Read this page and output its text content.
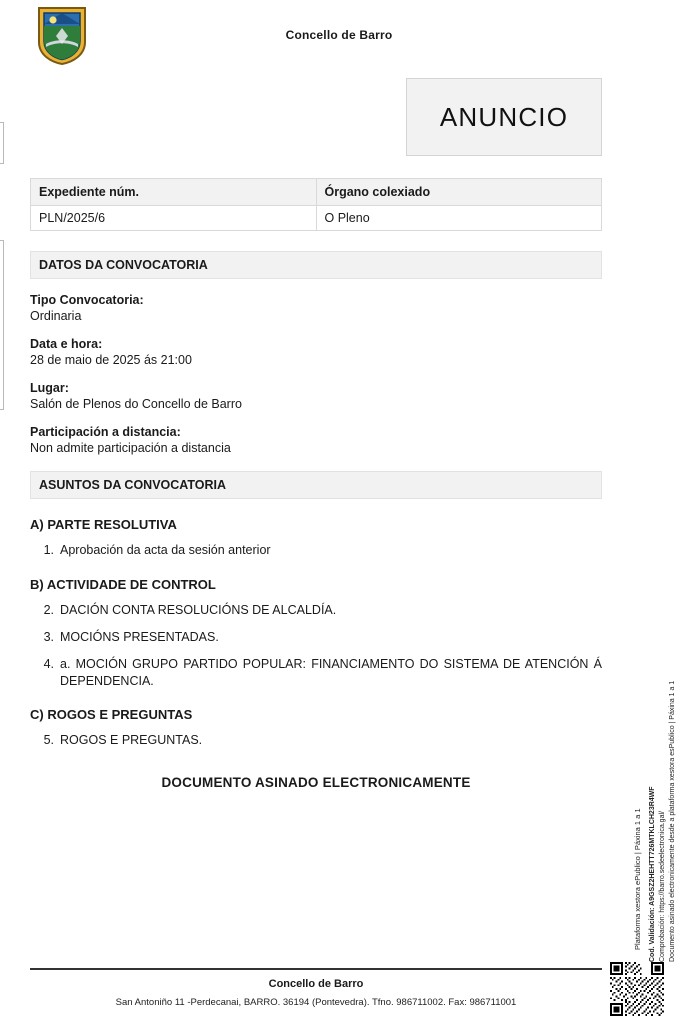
Concello de Barro
ANUNCIO
Expediente núm.	Órgano colexiado
PLN/2025/6	O Pleno
DATOS DA CONVOCATORIA
Tipo Convocatoria:
Ordinaria
Data e hora:
28 de maio de 2025 ás 21:00
Lugar:
Salón de Plenos do Concello de Barro
Participación a distancia:
Non admite participación a distancia
ASUNTOS DA CONVOCATORIA
A) PARTE RESOLUTIVA
1. Aprobación da acta da sesión anterior
B) ACTIVIDADE DE CONTROL
2. DACIÓN CONTA RESOLUCIÓNS DE ALCALDÍA.
3. MOCIÓNS PRESENTADAS.
4. a. MOCIÓN GRUPO PARTIDO POPULAR: FINANCIAMENTO DO SISTEMA DE ATENCIÓN Á DEPENDENCIA.
C) ROGOS E PREGUNTAS
5. ROGOS E PREGUNTAS.
DOCUMENTO ASINADO ELECTRONICAMENTE
Concello de Barro
San Antoniño 11 -Perdecanai, BARRO. 36194 (Pontevedra). Tfno. 986711002. Fax: 986711001
Plataforma xestora ePublico | Páxina 1 a 1 Cod. Validación: A9GSZ2HEHTT726MTKLCH23R4WF Comprobación: https://barro.sedeelectronica.gal/ Documento asinado electronicamente desde a plataforma xestora esPublico | Páxina 1 a 1
